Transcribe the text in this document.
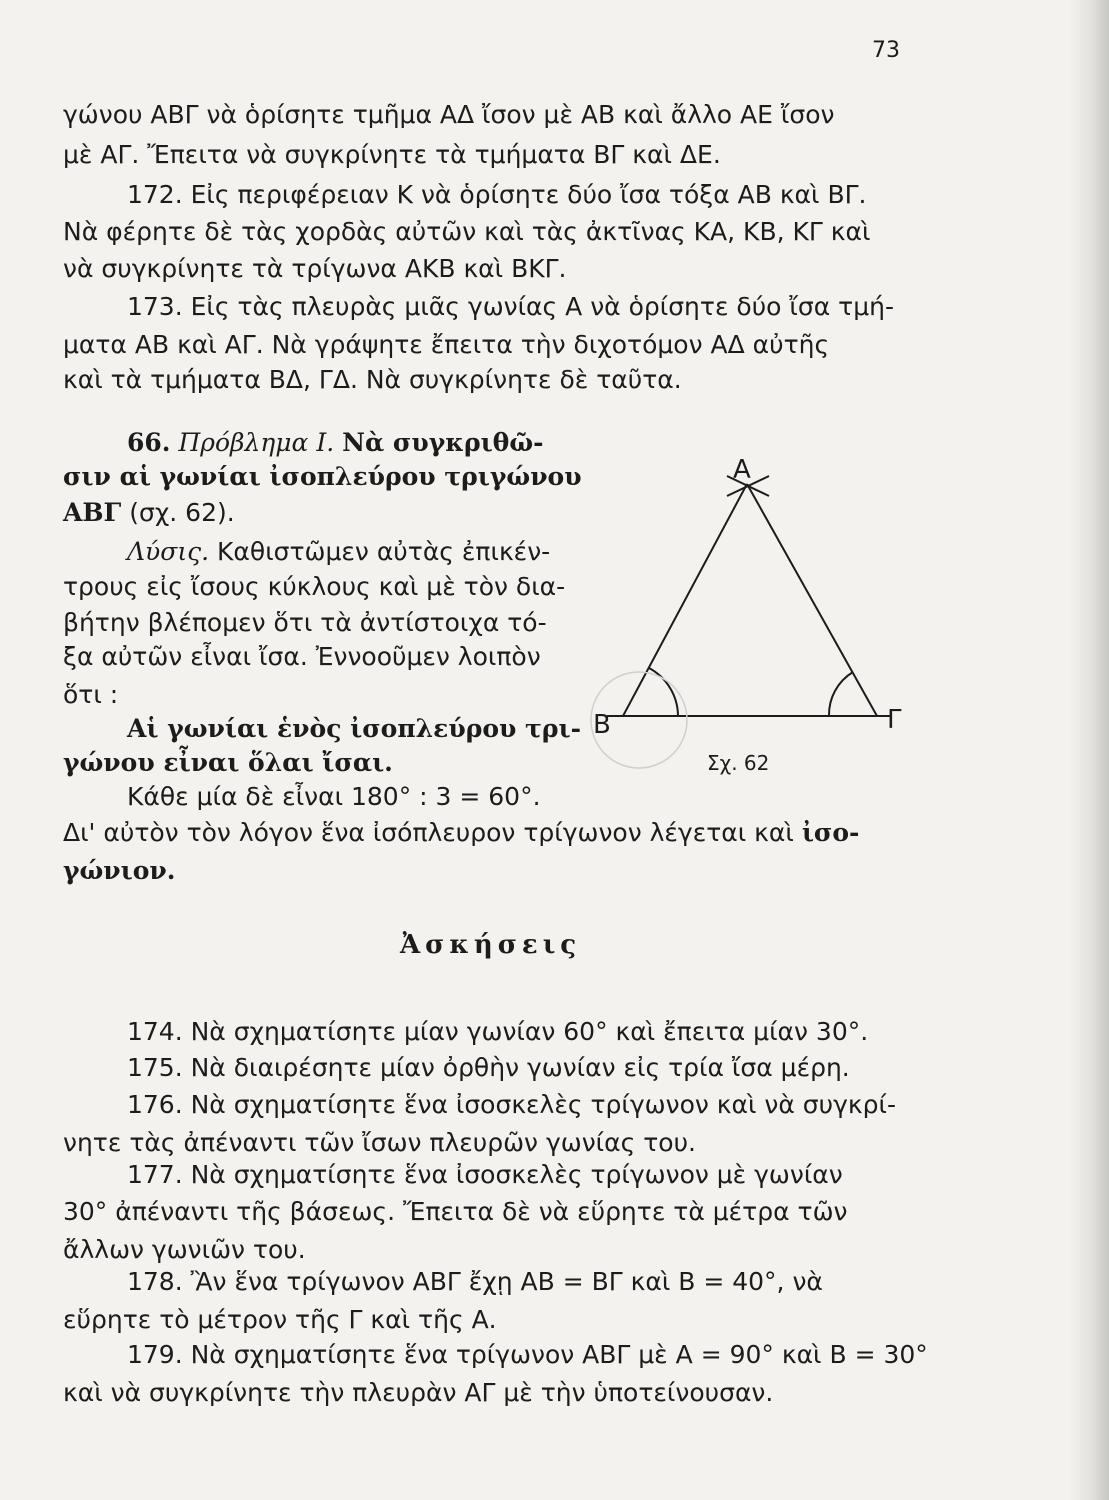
73
γώνου ΑΒΓ νὰ ὁρίσητε τμῆμα ΑΔ ἴσον μὲ ΑΒ καὶ ἄλλο ΑΕ ἴσον
μὲ ΑΓ. Ἔπειτα νὰ συγκρίνητε τὰ τμήματα ΒΓ καὶ ΔΕ.
172. Εἰς περιφέρειαν Κ νὰ ὁρίσητε δύο ἴσα τόξα ΑΒ καὶ ΒΓ.
Νὰ φέρητε δὲ τὰς χορδὰς αὐτῶν καὶ τὰς ἀκτῖνας ΚΑ, ΚΒ, ΚΓ καὶ
νὰ συγκρίνητε τὰ τρίγωνα ΑΚΒ καὶ ΒΚΓ.
173. Εἰς τὰς πλευρὰς μιᾶς γωνίας Α νὰ ὁρίσητε δύο ἴσα τμή-
ματα ΑΒ καὶ ΑΓ. Νὰ γράψητε ἔπειτα τὴν διχοτόμον ΑΔ αὐτῆς
καὶ τὰ τμήματα ΒΔ, ΓΔ. Νὰ συγκρίνητε δὲ ταῦτα.
66. Πρόβλημα Ι. Νὰ συγκριθῶ-
σιν αἱ γωνίαι ἰσοπλεύρου τριγώνου
ΑΒΓ (σχ. 62).
Λύσις. Καθιστῶμεν αὐτὰς ἐπικέν-
τρους εἰς ἴσους κύκλους καὶ μὲ τὸν δια-
βήτην βλέπομεν ὅτι τὰ ἀντίστοιχα τό-
ξα αὐτῶν εἶναι ἴσα. Ἐννοοῦμεν λοιπὸν
ὅτι :
Αἱ γωνίαι ἑνὸς ἰσοπλεύρου τρι-
γώνου εἶναι ὅλαι ἴσαι.
Κάθε μία δὲ εἶναι 180° : 3 = 60°.
Δι' αὐτὸν τὸν λόγον ἕνα ἰσόπλευρον τρίγωνον λέγεται καὶ ἰσο-
γώνιον.
Α
Β	Γ
Σχ. 62
Ἀσκήσεις
174. Νὰ σχηματίσητε μίαν γωνίαν 60° καὶ ἔπειτα μίαν 30°.
175. Νὰ διαιρέσητε μίαν ὀρθὴν γωνίαν εἰς τρία ἴσα μέρη.
176. Νὰ σχηματίσητε ἕνα ἰσοσκελὲς τρίγωνον καὶ νὰ συγκρί-
νητε τὰς ἀπέναντι τῶν ἴσων πλευρῶν γωνίας του.
177. Νὰ σχηματίσητε ἕνα ἰσοσκελὲς τρίγωνον μὲ γωνίαν
30° ἀπέναντι τῆς βάσεως. Ἔπειτα δὲ νὰ εὕρητε τὰ μέτρα τῶν
ἄλλων γωνιῶν του.
178. Ἂν ἕνα τρίγωνον ΑΒΓ ἔχῃ ΑΒ = ΒΓ καὶ Β = 40°, νὰ
εὕρητε τὸ μέτρον τῆς Γ καὶ τῆς Α.
179. Νὰ σχηματίσητε ἕνα τρίγωνον ΑΒΓ μὲ Α = 90° καὶ Β = 30°
καὶ νὰ συγκρίνητε τὴν πλευρὰν ΑΓ μὲ τὴν ὑποτείνουσαν.
